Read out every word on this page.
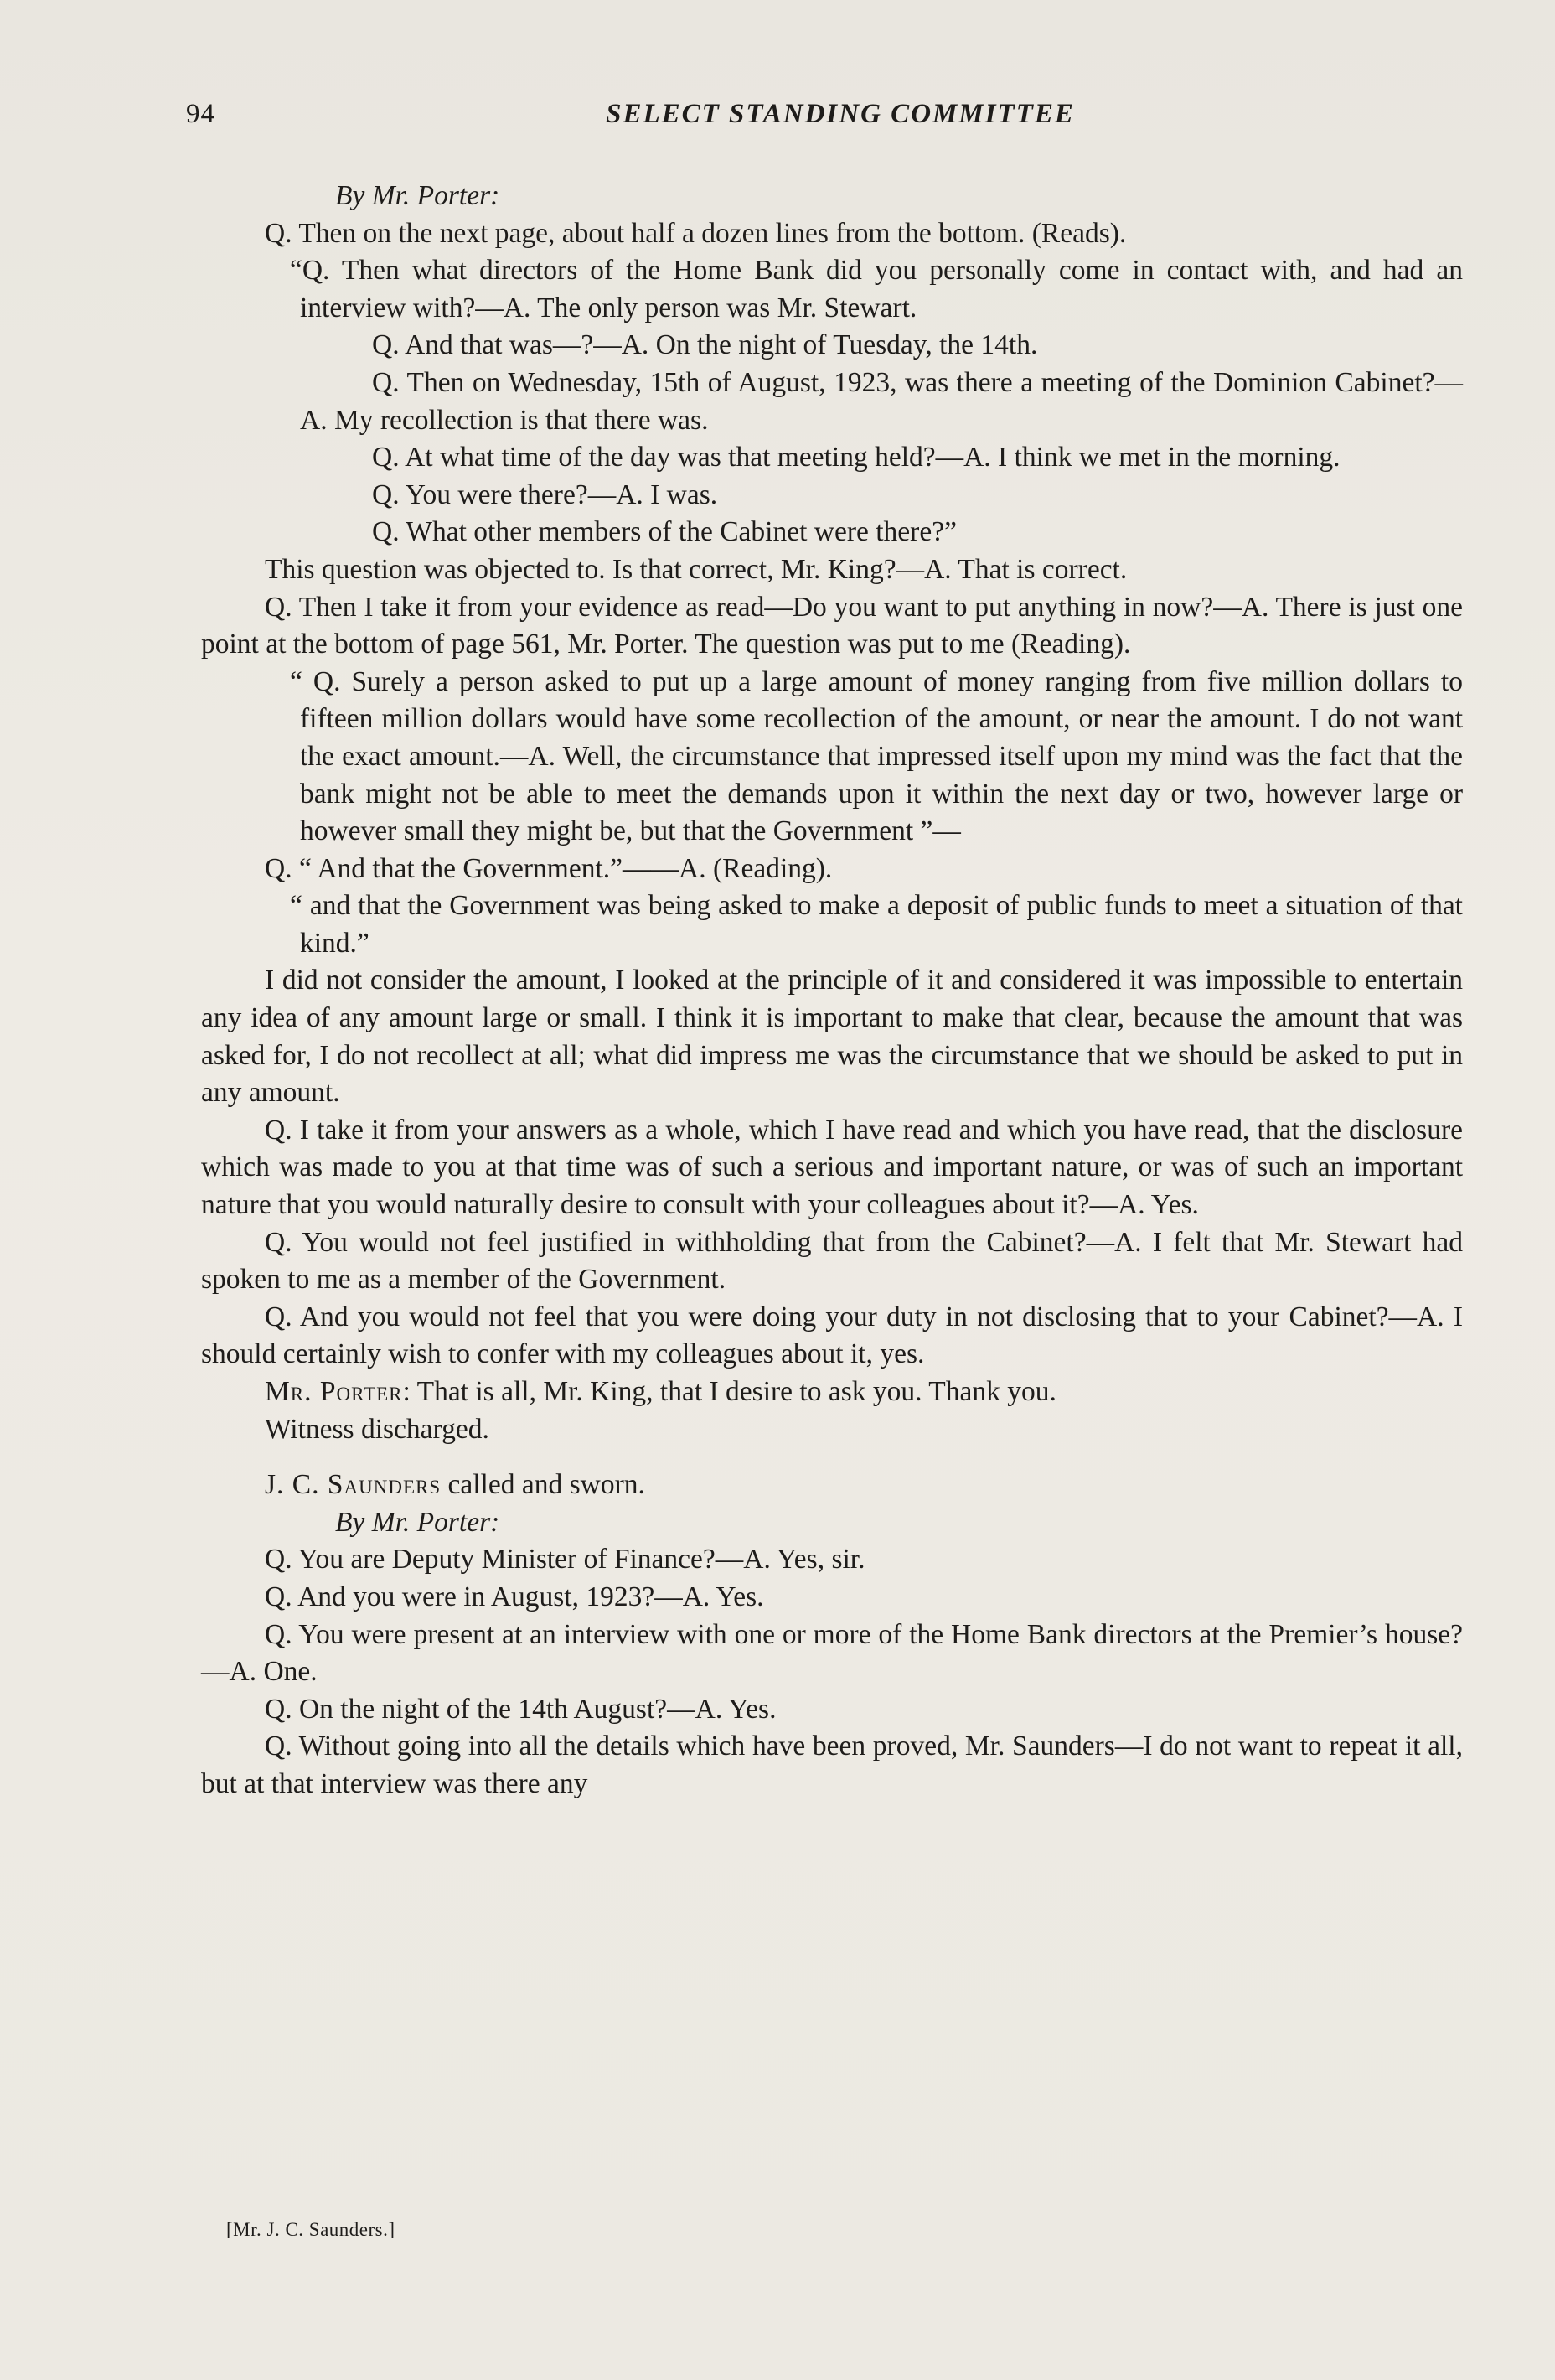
94	SELECT STANDING COMMITTEE

By Mr. Porter:

Q. Then on the next page, about half a dozen lines from the bottom. (Reads).

“Q. Then what directors of the Home Bank did you personally come in contact with, and had an interview with?—A. The only person was Mr. Stewart.

Q. And that was—?—A. On the night of Tuesday, the 14th.

Q. Then on Wednesday, 15th of August, 1923, was there a meeting of the Dominion Cabinet?—A. My recollection is that there was.

Q. At what time of the day was that meeting held?—A. I think we met in the morning.

Q. You were there?—A. I was.

Q. What other members of the Cabinet were there?”

This question was objected to. Is that correct, Mr. King?—A. That is correct.

Q. Then I take it from your evidence as read—Do you want to put anything in now?—A. There is just one point at the bottom of page 561, Mr. Porter. The question was put to me (Reading).

“ Q. Surely a person asked to put up a large amount of money ranging from five million dollars to fifteen million dollars would have some recollection of the amount, or near the amount. I do not want the exact amount.—A. Well, the circumstance that impressed itself upon my mind was the fact that the bank might not be able to meet the demands upon it within the next day or two, however large or however small they might be, but that the Government ”—

Q. “ And that the Government.”——A. (Reading).

“ and that the Government was being asked to make a deposit of public funds to meet a situation of that kind.”

I did not consider the amount, I looked at the principle of it and considered it was impossible to entertain any idea of any amount large or small. I think it is important to make that clear, because the amount that was asked for, I do not recollect at all; what did impress me was the circumstance that we should be asked to put in any amount.

Q. I take it from your answers as a whole, which I have read and which you have read, that the disclosure which was made to you at that time was of such a serious and important nature, or was of such an important nature that you would naturally desire to consult with your colleagues about it?—A. Yes.

Q. You would not feel justified in withholding that from the Cabinet?—A. I felt that Mr. Stewart had spoken to me as a member of the Government.

Q. And you would not feel that you were doing your duty in not disclosing that to your Cabinet?—A. I should certainly wish to confer with my colleagues about it, yes.

Mr. Porter: That is all, Mr. King, that I desire to ask you. Thank you.

Witness discharged.

J. C. Saunders called and sworn.

By Mr. Porter:

Q. You are Deputy Minister of Finance?—A. Yes, sir.

Q. And you were in August, 1923?—A. Yes.

Q. You were present at an interview with one or more of the Home Bank directors at the Premier’s house?—A. One.

Q. On the night of the 14th August?—A. Yes.

Q. Without going into all the details which have been proved, Mr. Saunders—I do not want to repeat it all, but at that interview was there any

[Mr. J. C. Saunders.]
